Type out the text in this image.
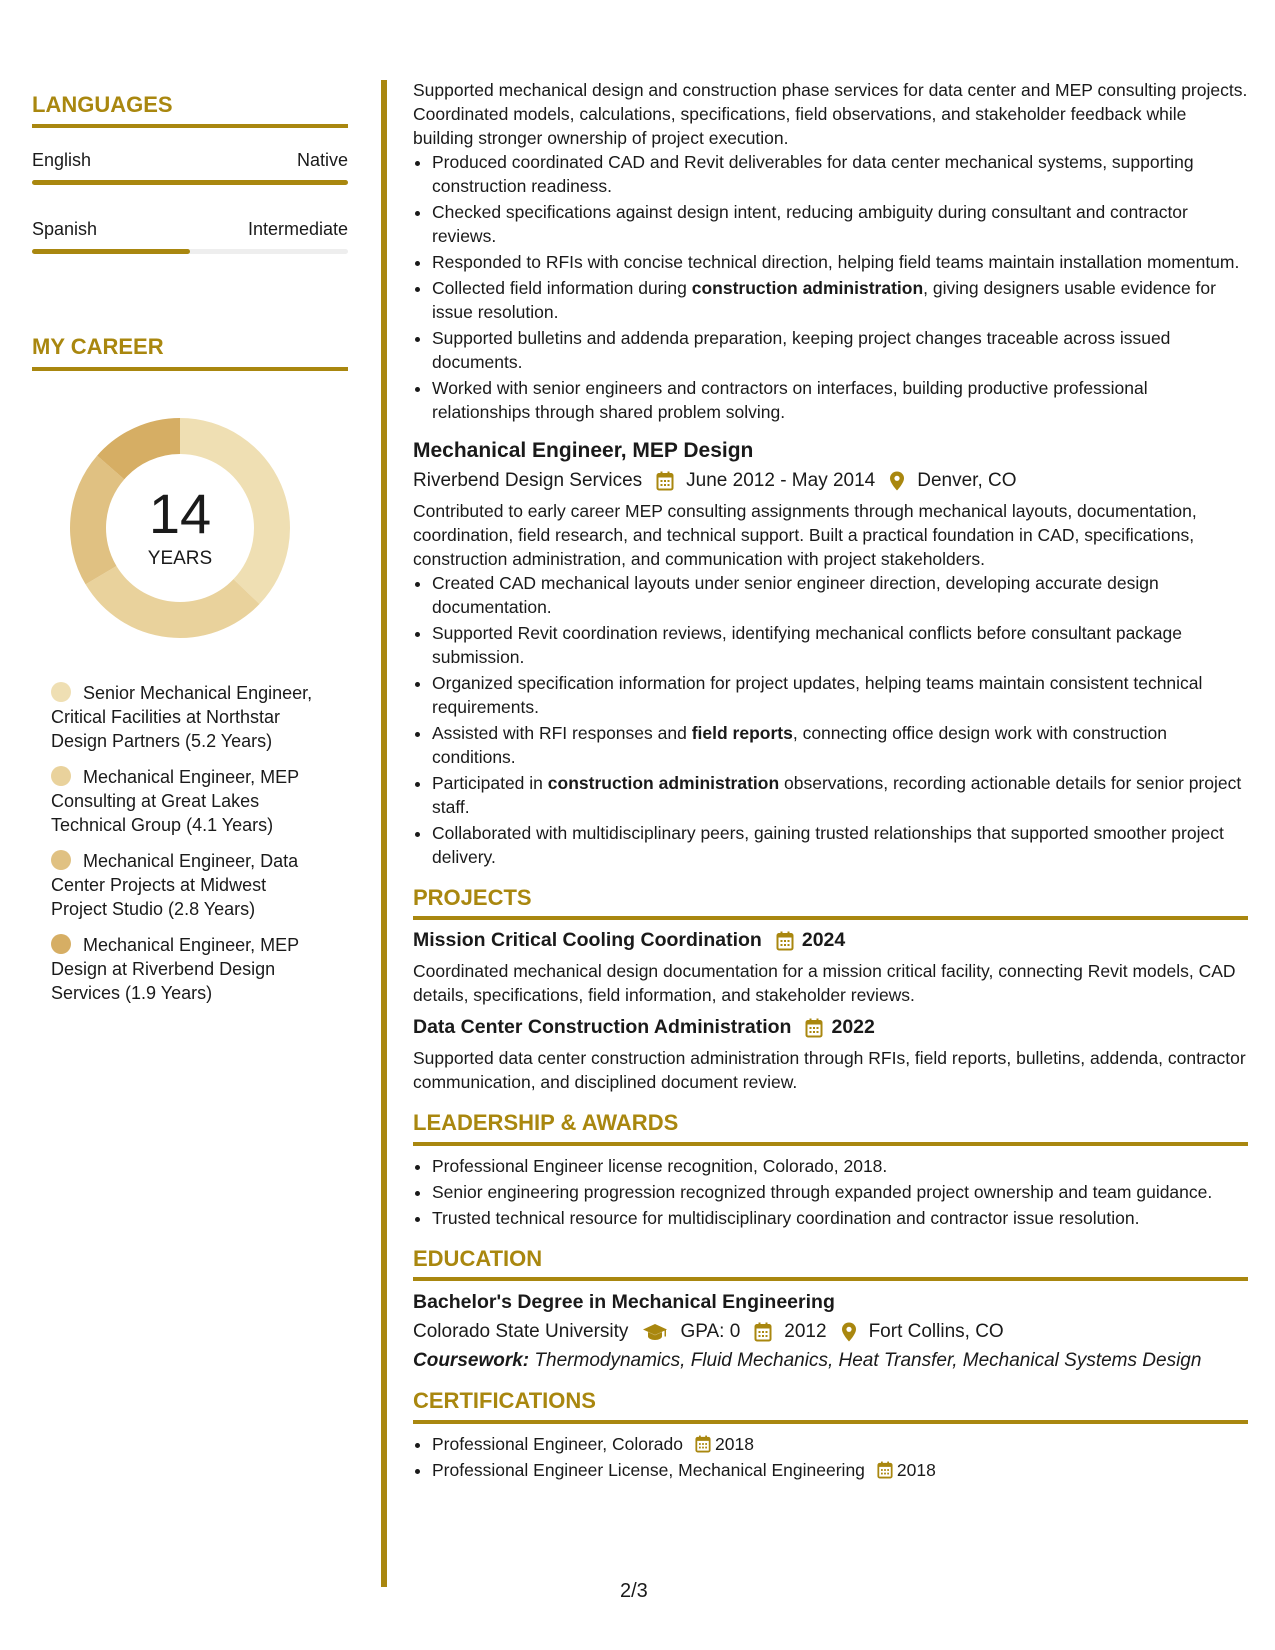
LANGUAGES
English	Native
Spanish	Intermediate
MY CAREER
14
YEARS
Senior Mechanical Engineer, Critical Facilities at Northstar Design Partners (5.2 Years)
Mechanical Engineer, MEP Consulting at Great Lakes Technical Group (4.1 Years)
Mechanical Engineer, Data Center Projects at Midwest Project Studio (2.8 Years)
Mechanical Engineer, MEP Design at Riverbend Design Services (1.9 Years)
Supported mechanical design and construction phase services for data center and MEP consulting projects. Coordinated models, calculations, specifications, field observations, and stakeholder feedback while building stronger ownership of project execution.
• Produced coordinated CAD and Revit deliverables for data center mechanical systems, supporting construction readiness.
• Checked specifications against design intent, reducing ambiguity during consultant and contractor reviews.
• Responded to RFIs with concise technical direction, helping field teams maintain installation momentum.
• Collected field information during construction administration, giving designers usable evidence for issue resolution.
• Supported bulletins and addenda preparation, keeping project changes traceable across issued documents.
• Worked with senior engineers and contractors on interfaces, building productive professional relationships through shared problem solving.
Mechanical Engineer, MEP Design
Riverbend Design Services June 2012 - May 2014 Denver, CO
Contributed to early career MEP consulting assignments through mechanical layouts, documentation, coordination, field research, and technical support. Built a practical foundation in CAD, specifications, construction administration, and communication with project stakeholders.
• Created CAD mechanical layouts under senior engineer direction, developing accurate design documentation.
• Supported Revit coordination reviews, identifying mechanical conflicts before consultant package submission.
• Organized specification information for project updates, helping teams maintain consistent technical requirements.
• Assisted with RFI responses and field reports, connecting office design work with construction conditions.
• Participated in construction administration observations, recording actionable details for senior project staff.
• Collaborated with multidisciplinary peers, gaining trusted relationships that supported smoother project delivery.
PROJECTS
Mission Critical Cooling Coordination 2024
Coordinated mechanical design documentation for a mission critical facility, connecting Revit models, CAD details, specifications, field information, and stakeholder reviews.
Data Center Construction Administration 2022
Supported data center construction administration through RFIs, field reports, bulletins, addenda, contractor communication, and disciplined document review.
LEADERSHIP & AWARDS
• Professional Engineer license recognition, Colorado, 2018.
• Senior engineering progression recognized through expanded project ownership and team guidance.
• Trusted technical resource for multidisciplinary coordination and contractor issue resolution.
EDUCATION
Bachelor's Degree in Mechanical Engineering
Colorado State University	GPA: 0 2012 Fort Collins, CO
Coursework: Thermodynamics, Fluid Mechanics, Heat Transfer, Mechanical Systems Design
CERTIFICATIONS
• Professional Engineer, Colorado 2018
• Professional Engineer License, Mechanical Engineering 2018
2/3
